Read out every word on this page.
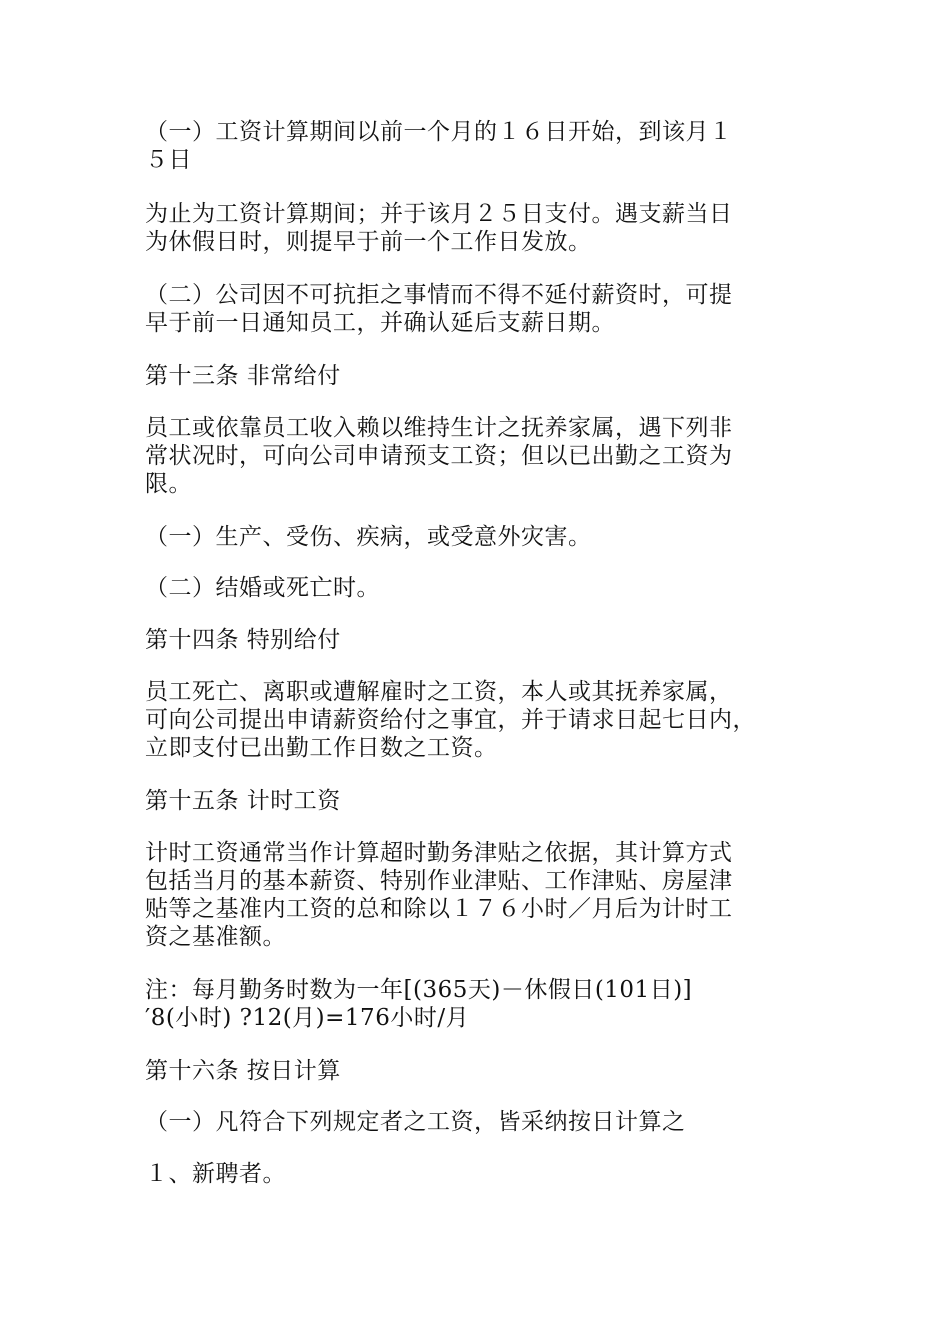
（一）工资计算期间以前一个月的１６日开始，到该月１
５日

为止为工资计算期间；并于该月２５日支付。遇支薪当日
为休假日时，则提早于前一个工作日发放。

（二）公司因不可抗拒之事情而不得不延付薪资时，可提
早于前一日通知员工，并确认延后支薪日期。

第十三条 非常给付

员工或依靠员工收入赖以维持生计之抚养家属，遇下列非
常状况时，可向公司申请预支工资；但以已出勤之工资为
限。

（一）生产、受伤、疾病，或受意外灾害。

（二）结婚或死亡时。

第十四条 特别给付

员工死亡、离职或遭解雇时之工资，本人或其抚养家属，
可向公司提出申请薪资给付之事宜，并于请求日起七日内，
立即支付已出勤工作日数之工资。

第十五条 计时工资

计时工资通常当作计算超时勤务津贴之依据，其计算方式
包括当月的基本薪资、特别作业津贴、工作津贴、房屋津
贴等之基准内工资的总和除以１７６小时／月后为计时工
资之基准额。

注：每月勤务时数为一年[(365天)－休假日(101日)]
′8(小时) ?12(月)=176小时/月

第十六条 按日计算

（一）凡符合下列规定者之工资，皆采纳按日计算之

１、新聘者。
